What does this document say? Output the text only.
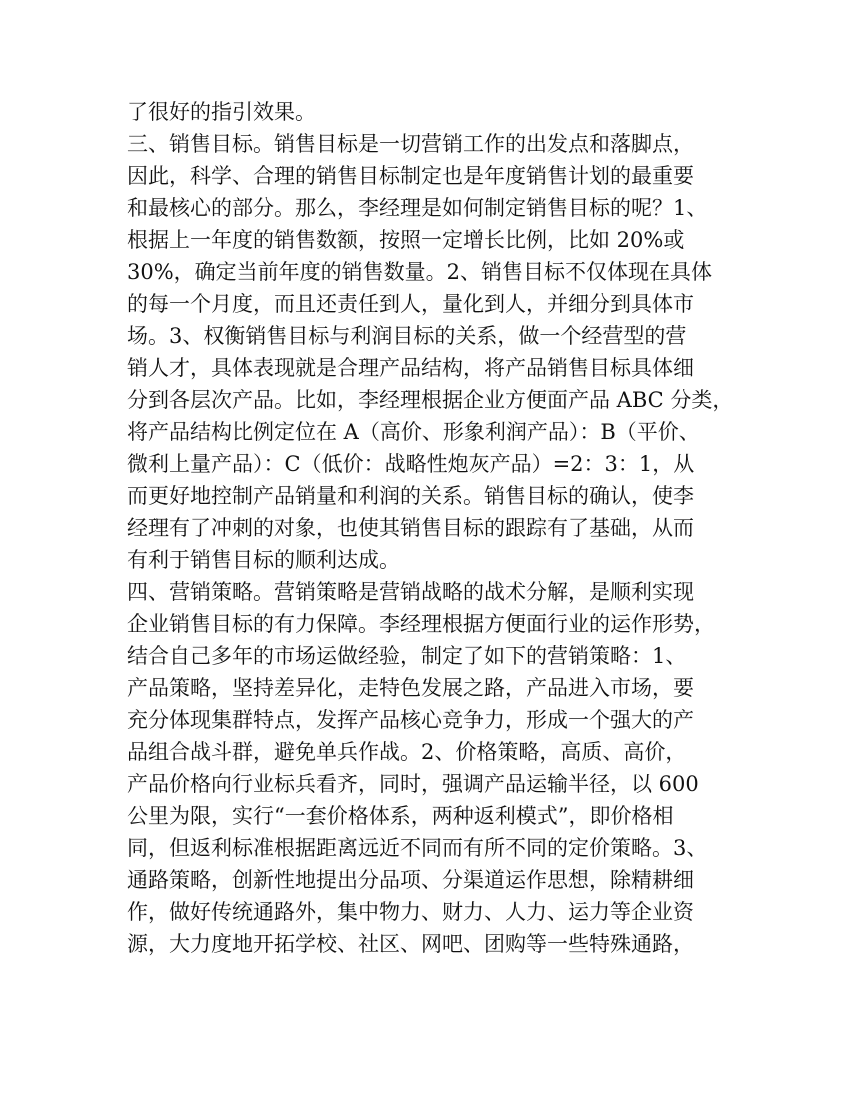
了很好的指引效果。
三、销售目标。销售目标是一切营销工作的出发点和落脚点，
因此，科学、合理的销售目标制定也是年度销售计划的最重要
和最核心的部分。那么，李经理是如何制定销售目标的呢？1、
根据上一年度的销售数额，按照一定增长比例，比如 20%或
30%，确定当前年度的销售数量。2、销售目标不仅体现在具体
的每一个月度，而且还责任到人，量化到人，并细分到具体市
场。3、权衡销售目标与利润目标的关系，做一个经营型的营
销人才，具体表现就是合理产品结构，将产品销售目标具体细
分到各层次产品。比如，李经理根据企业方便面产品 ABC 分类，
将产品结构比例定位在 A（高价、形象利润产品）：B（平价、
微利上量产品）：C（低价：战略性炮灰产品）=2：3：1，从
而更好地控制产品销量和利润的关系。销售目标的确认，使李
经理有了冲刺的对象，也使其销售目标的跟踪有了基础，从而
有利于销售目标的顺利达成。
四、营销策略。营销策略是营销战略的战术分解，是顺利实现
企业销售目标的有力保障。李经理根据方便面行业的运作形势，
结合自己多年的市场运做经验，制定了如下的营销策略：1、
产品策略，坚持差异化，走特色发展之路，产品进入市场，要
充分体现集群特点，发挥产品核心竞争力，形成一个强大的产
品组合战斗群，避免单兵作战。2、价格策略，高质、高价，
产品价格向行业标兵看齐，同时，强调产品运输半径，以 600
公里为限，实行“一套价格体系，两种返利模式”，即价格相
同，但返利标准根据距离远近不同而有所不同的定价策略。3、
通路策略，创新性地提出分品项、分渠道运作思想，除精耕细
作，做好传统通路外，集中物力、财力、人力、运力等企业资
源，大力度地开拓学校、社区、网吧、团购等一些特殊通路，
